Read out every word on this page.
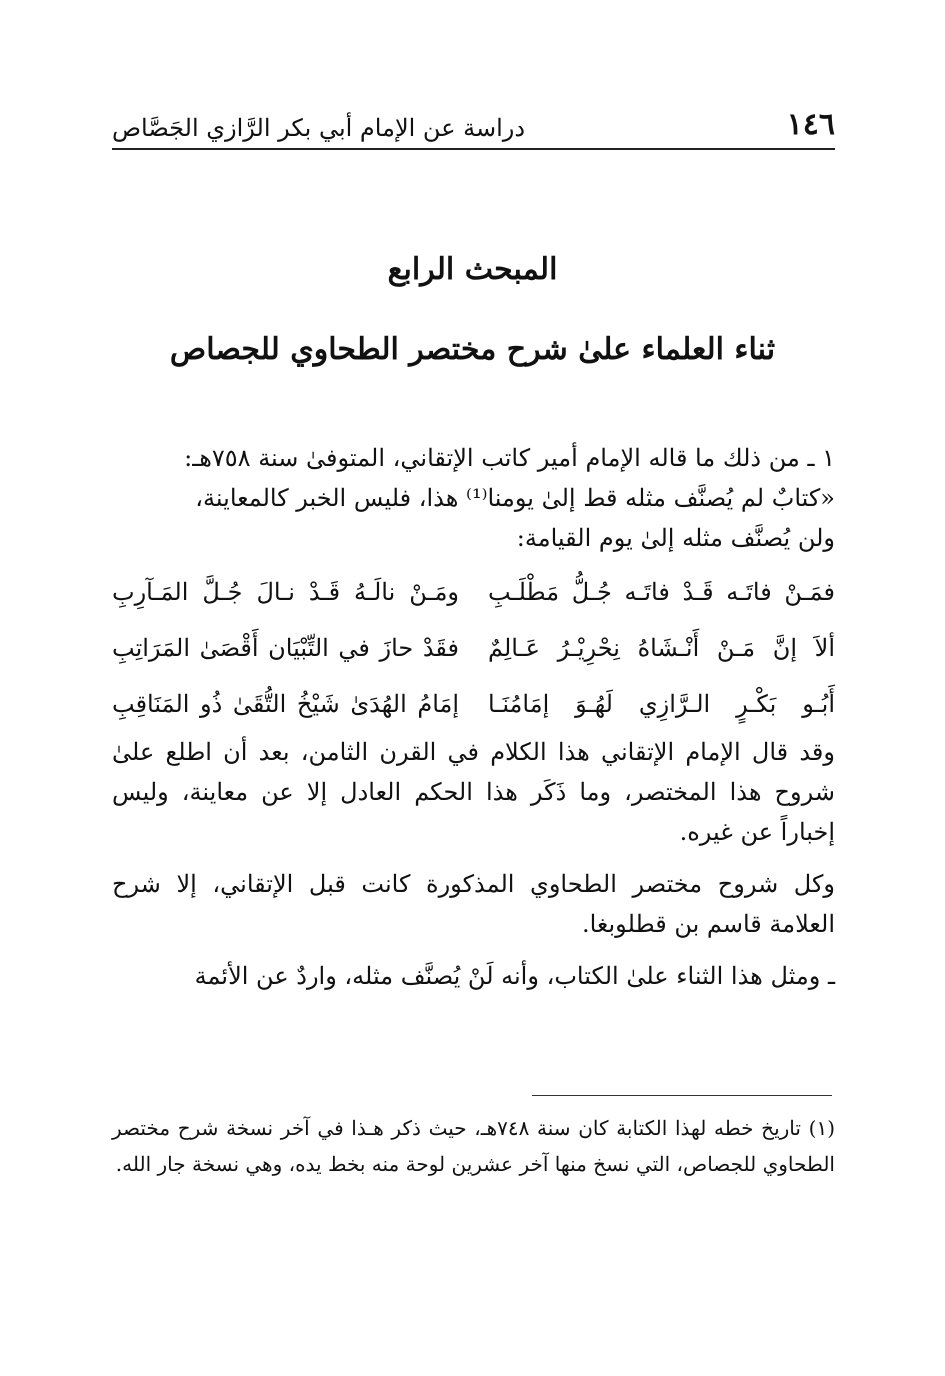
١٤٦
دراسة عن الإمام أبي بكر الرَّازي الجَصَّاص
المبحث الرابع
ثناء العلماء علىٰ شرح مختصر الطحاوي للجصاص

١ ـ من ذلك ما قاله الإمام أمير كاتب الإتقاني، المتوفىٰ سنة ٧٥٨هـ:

«كتابٌ لم يُصنَّف مثله قط إلىٰ يومنا⁽¹⁾ هذا، فليس الخبر كالمعاينة،

ولن يُصنَّف مثله إلىٰ يوم القيامة:

فمَـنْ فاتَـه قَـدْ فاتَـه جُـلُّ مَطْلَـبِ
ومَـنْ نالَـهُ قَـدْ نـالَ جُـلَّ المَـآرِبِ
ألاَ إنَّ مَـنْ أَنْـشَاهُ نِحْرِيْـرُ عَـالِمٌ
فقَدْ حازَ في التِّبْيَان أَقْصَىٰ المَرَاتِبِ
أَبُـو بَكْـرٍ الـرَّازِي لَهُـوَ إمَامُنَـا
إمَامُ الهُدَىٰ شَيْخُ التُّقَىٰ ذُو المَنَاقِبِ

وقد قال الإمام الإتقاني هذا الكلام في القرن الثامن، بعد أن اطلع علىٰ شروح هذا المختصر، وما ذَكَر هذا الحكم العادل إلا عن معاينة، وليس إخباراً عن غيره.

وكل شروح مختصر الطحاوي المذكورة كانت قبل الإتقاني، إلا شرح العلامة قاسم بن قطلوبغا.

ـ ومثل هذا الثناء علىٰ الكتاب، وأنه لَنْ يُصنَّف مثله، واردٌ عن الأئمة

(١) تاريخ خطه لهذا الكتابة كان سنة ٧٤٨هـ، حيث ذكر هـذا في آخر نسخة شرح مختصر الطحاوي للجصاص، التي نسخ منها آخر عشرين لوحة منه بخط يده، وهي نسخة جار الله.
